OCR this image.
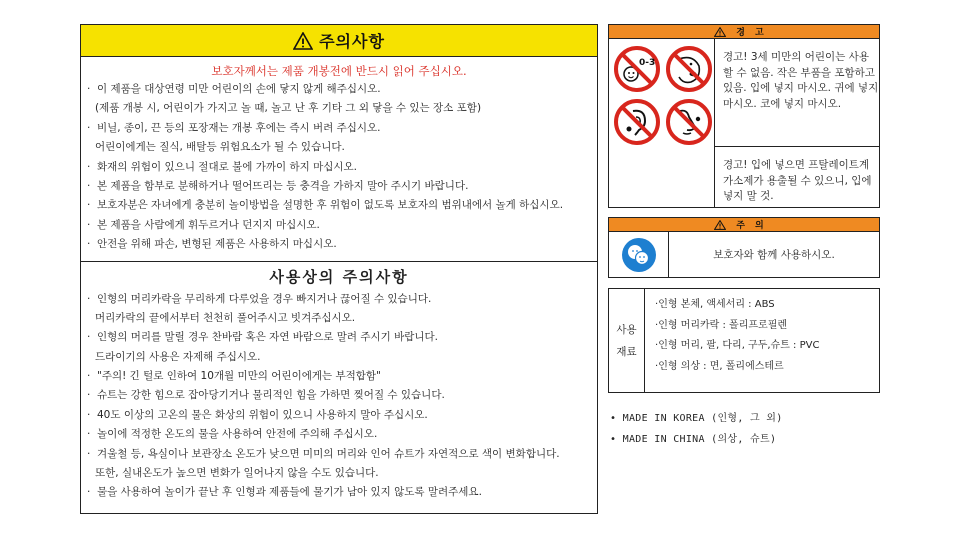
주의사항
보호자께서는 제품 개봉전에 반드시 읽어 주십시오.
· 이 제품을 대상연령 미만 어린이의 손에 닿지 않게 해주십시오.
(제품 개봉 시, 어린이가 가지고 놀 때, 놀고 난 후 기타 그 외 닿을 수 있는 장소 포함)
· 비닐, 종이, 끈 등의 포장재는 개봉 후에는 즉시 버려 주십시오.
어린이에게는 질식, 배탈등 위험요소가 될 수 있습니다.
· 화재의 위험이 있으니 절대로 불에 가까이 하지 마십시오.
· 본 제품을 함부로 분해하거나 떨어뜨리는 등 충격을 가하지 말아 주시기 바랍니다.
· 보호자분은 자녀에게 충분히 놀이방법을 설명한 후 위험이 없도록 보호자의 범위내에서 놀게 하십시오.
· 본 제품을 사람에게 휘두르거나 던지지 마십시오.
· 안전을 위해 파손, 변형된 제품은 사용하지 마십시오.
사용상의 주의사항
· 인형의 머리카락을 무리하게 다루었을 경우 빠지거나 끊어질 수 있습니다.
머리카락의 끝에서부터 천천히 풀어주시고 빗겨주십시오.
· 인형의 머리를 말릴 경우 찬바람 혹은 자연 바람으로 말려 주시기 바랍니다.
드라이기의 사용은 자제해 주십시오.
· "주의! 긴 털로 인하여 10개월 미만의 어린이에게는 부적합함"
· 슈트는 강한 힘으로 잡아당기거나 물리적인 힘을 가하면 찢어질 수 있습니다.
· 40도 이상의 고온의 물은 화상의 위험이 있으니 사용하지 말아 주십시오.
· 놀이에 적정한 온도의 물을 사용하여 안전에 주의해 주십시오.
· 겨울철 등, 욕실이나 보관장소 온도가 낮으면 미미의 머리와 인어 슈트가 자연적으로 색이 변화합니다.
또한, 실내온도가 높으면 변화가 일어나지 않을 수도 있습니다.
· 물을 사용하여 놀이가 끝난 후 인형과 제품들에 물기가 남아 있지 않도록 말려주세요.
경고
0-3	경고! 3세 미만의 어린이는 사용할 수 없음. 작은 부품을 포함하고 있음. 입에 넣지 마시오. 귀에 넣지 마시오. 코에 넣지 마시오.
경고! 입에 넣으면 프탈레이트계 가소제가 용출될 수 있으니, 입에 넣지 말 것.
주의
보호자와 함께 사용하시오.
사용
재료
·인형 본체, 액세서리 : ABS
·인형 머리카락 : 폴리프로필렌
·인형 머리, 팔, 다리, 구두,슈트 : PVC
·인형 의상 : 면, 폴리에스테르
• MADE IN KOREA (인형, 그 외)
• MADE IN CHINA (의상, 슈트)
